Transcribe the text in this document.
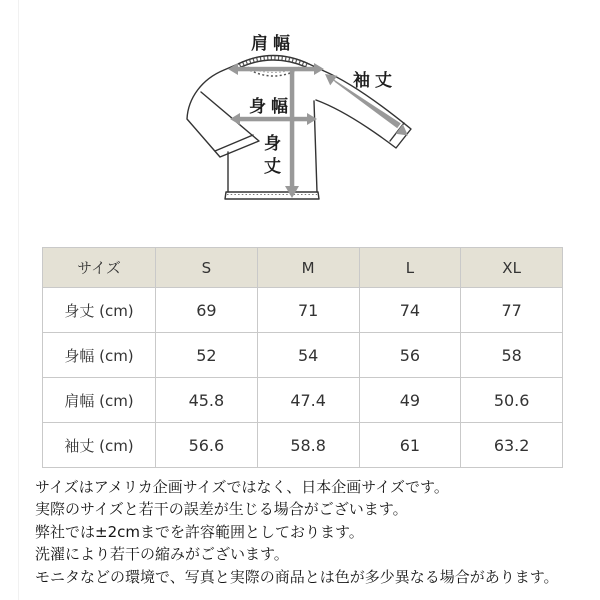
肩幅
袖丈
身幅
身丈
サイズ	S	M	L	XL
身丈 (cm)	69	71	74	77
身幅 (cm)	52	54	56	58
肩幅 (cm)	45.8	47.4	49	50.6
袖丈 (cm)	56.6	58.8	61	63.2
サイズはアメリカ企画サイズではなく、日本企画サイズです。
実際のサイズと若干の誤差が生じる場合がございます。
弊社では±2cmまでを許容範囲としております。
洗濯により若干の縮みがございます。
モニタなどの環境で、写真と実際の商品とは色が多少異なる場合があります。
